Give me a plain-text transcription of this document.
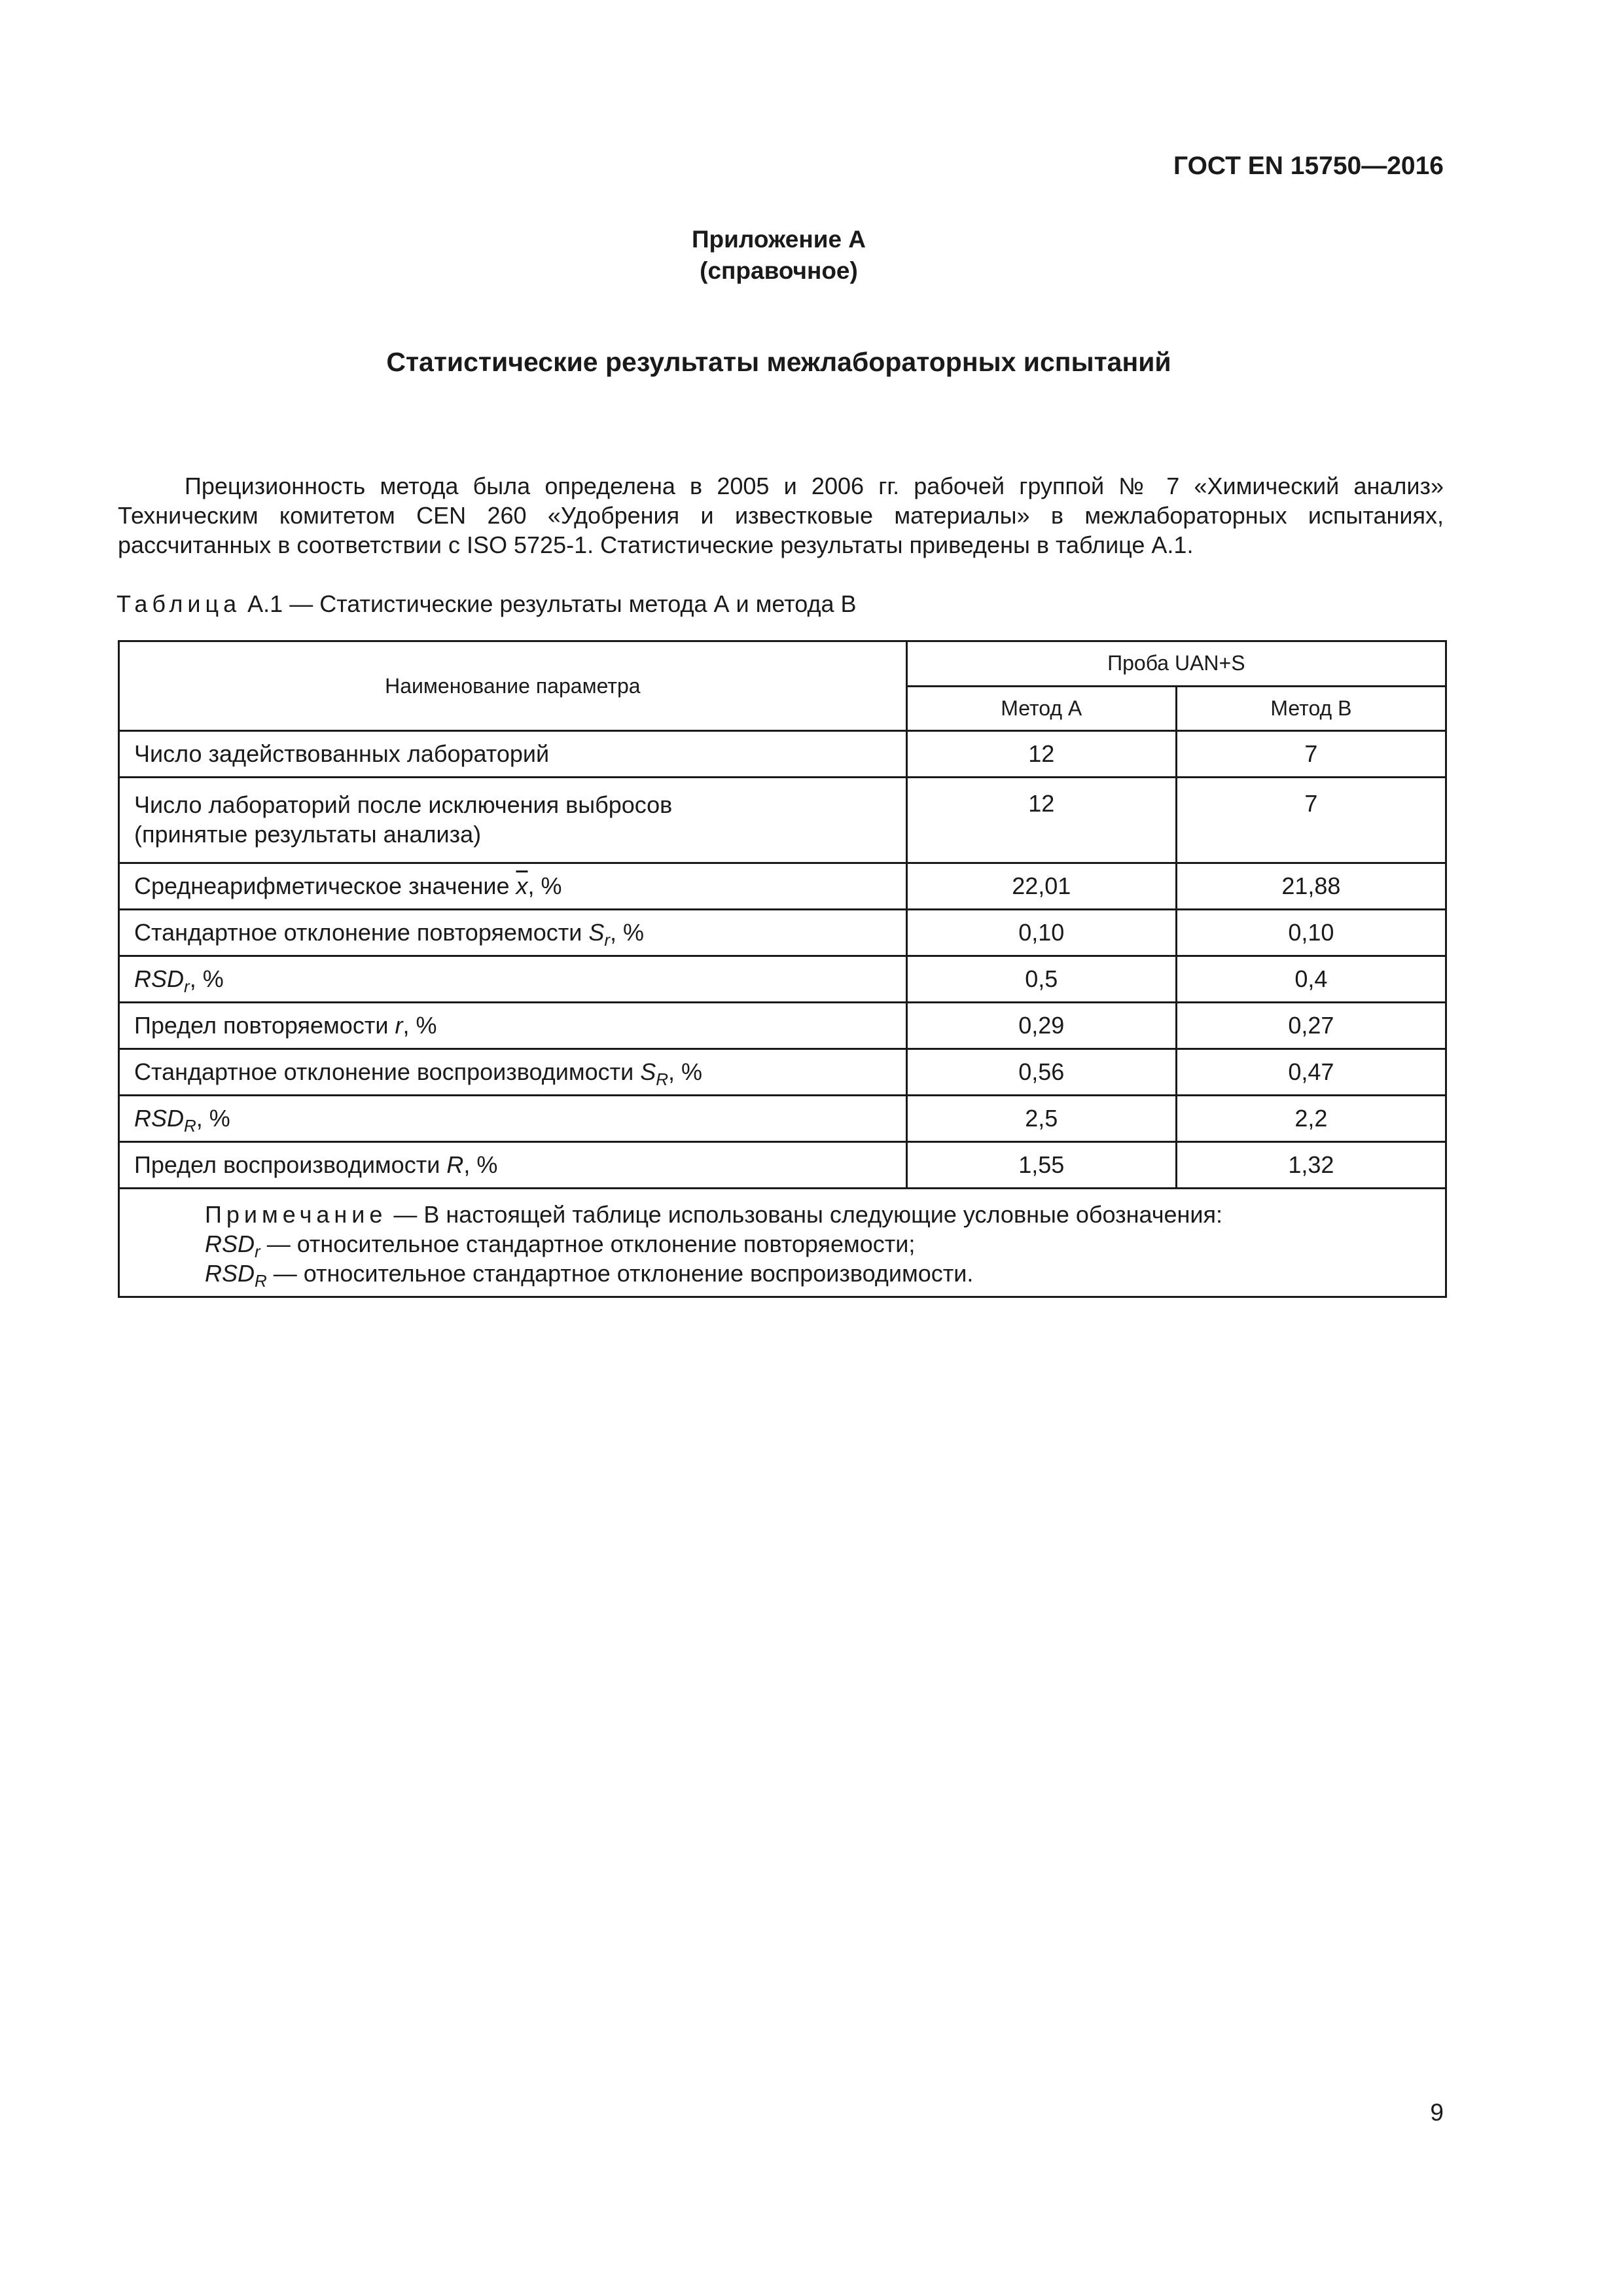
ГОСТ EN 15750—2016
Приложение А
(справочное)
Статистические результаты межлабораторных испытаний
Прецизионность метода была определена в 2005 и 2006 гг. рабочей группой № 7 «Химический анализ» Техническим комитетом CEN 260 «Удобрения и известковые материалы» в межлабораторных испытаниях, рассчитанных в соответствии с ISO 5725-1. Статистические результаты приведены в таблице А.1.
Таблица А.1 — Статистические результаты метода А и метода В
Наименование параметра	Проба UAN+S	
	Метод А	Метод В
Число задействованных лабораторий	12	7
Число лабораторий после исключения выбросов
(принятые результаты анализа)	12	7
Среднеарифметическое значение $\overline{x}$, %	22,01	21,88
Стандартное отклонение повторяемости $S_r$, %	0,10	0,10
$RSD_r$, %	0,5	0,4
Предел повторяемости r, %	0,29	0,27
Стандартное отклонение воспроизводимости $S_R$, %	0,56	0,47
$RSD_R$, %	2,5	2,2
Предел воспроизводимости R, %	1,55	1,32
Примечание — В настоящей таблице использованы следующие условные обозначения:
$RSD_r$ — относительное стандартное отклонение повторяемости;
$RSD_R$ — относительное стандартное отклонение воспроизводимости.		
9
